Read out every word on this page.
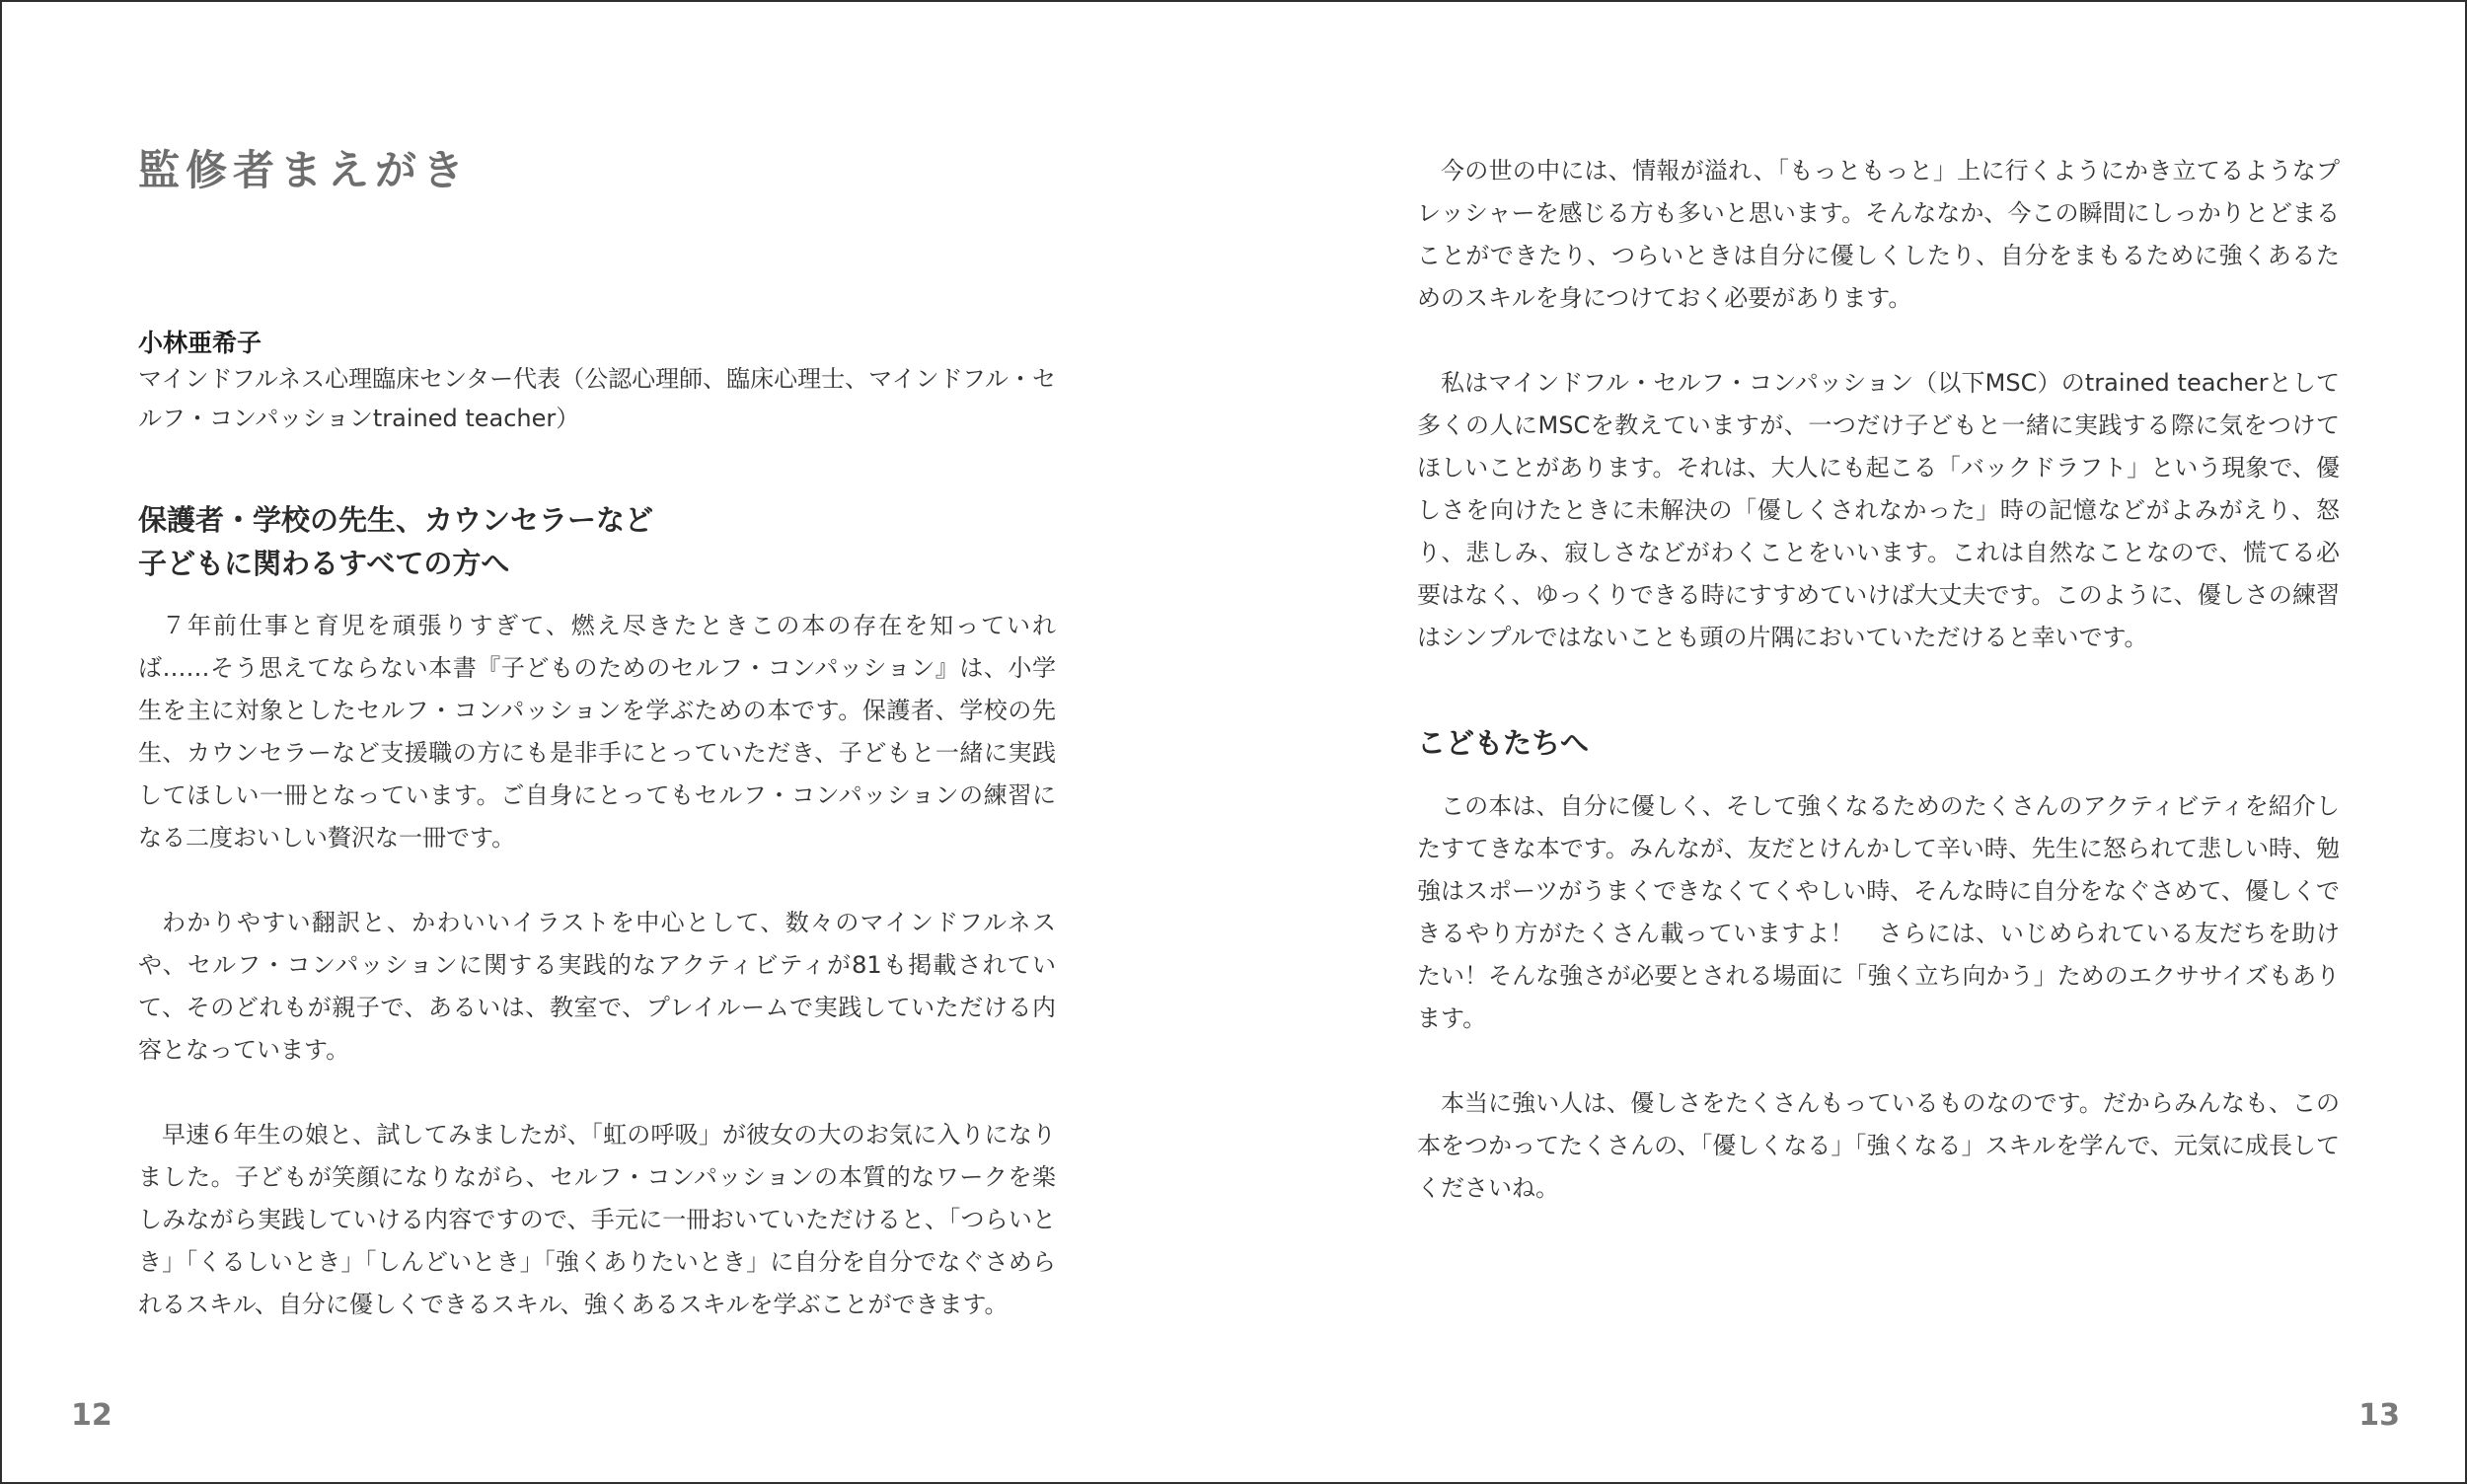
監修者まえがき

小林亜希子

マインドフルネス心理臨床センター代表（公認心理師、臨床心理士、マインドフル・セルフ・コンパッションtrained teacher）

保護者・学校の先生、カウンセラーなど

子どもに関わるすべての方へ

７年前仕事と育児を頑張りすぎて、燃え尽きたときこの本の存在を知っていれば……そう思えてならない本書『子どものためのセルフ・コンパッション』は、小学生を主に対象としたセルフ・コンパッションを学ぶための本です。保護者、学校の先生、カウンセラーなど支援職の方にも是非手にとっていただき、子どもと一緒に実践してほしい一冊となっています。ご自身にとってもセルフ・コンパッションの練習になる二度おいしい贅沢な一冊です。

わかりやすい翻訳と、かわいいイラストを中心として、数々のマインドフルネスや、セルフ・コンパッションに関する実践的なアクティビティが81も掲載されていて、そのどれもが親子で、あるいは、教室で、プレイルームで実践していただける内容となっています。

早速６年生の娘と、試してみましたが、「虹の呼吸」が彼女の大のお気に入りになりました。子どもが笑顔になりながら、セルフ・コンパッションの本質的なワークを楽しみながら実践していける内容ですので、手元に一冊おいていただけると、「つらいとき」「くるしいとき」「しんどいとき」「強くありたいとき」に自分を自分でなぐさめられるスキル、自分に優しくできるスキル、強くあるスキルを学ぶことができます。

12

今の世の中には、情報が溢れ、「もっともっと」上に行くようにかき立てるようなプレッシャーを感じる方も多いと思います。そんななか、今この瞬間にしっかりとどまることができたり、つらいときは自分に優しくしたり、自分をまもるために強くあるためのスキルを身につけておく必要があります。

私はマインドフル・セルフ・コンパッション（以下MSC）のtrained teacherとして多くの人にMSCを教えていますが、一つだけ子どもと一緒に実践する際に気をつけてほしいことがあります。それは、大人にも起こる「バックドラフト」という現象で、優しさを向けたときに未解決の「優しくされなかった」時の記憶などがよみがえり、怒り、悲しみ、寂しさなどがわくことをいいます。これは自然なことなので、慌てる必要はなく、ゆっくりできる時にすすめていけば大丈夫です。このように、優しさの練習はシンプルではないことも頭の片隅においていただけると幸いです。

こどもたちへ

この本は、自分に優しく、そして強くなるためのたくさんのアクティビティを紹介したすてきな本です。みんなが、友だとけんかして辛い時、先生に怒られて悲しい時、勉強はスポーツがうまくできなくてくやしい時、そんな時に自分をなぐさめて、優しくできるやり方がたくさん載っていますよ！　さらには、いじめられている友だちを助けたい！そんな強さが必要とされる場面に「強く立ち向かう」ためのエクササイズもあります。

本当に強い人は、優しさをたくさんもっているものなのです。だからみんなも、この本をつかってたくさんの、「優しくなる」「強くなる」スキルを学んで、元気に成長してくださいね。

13
